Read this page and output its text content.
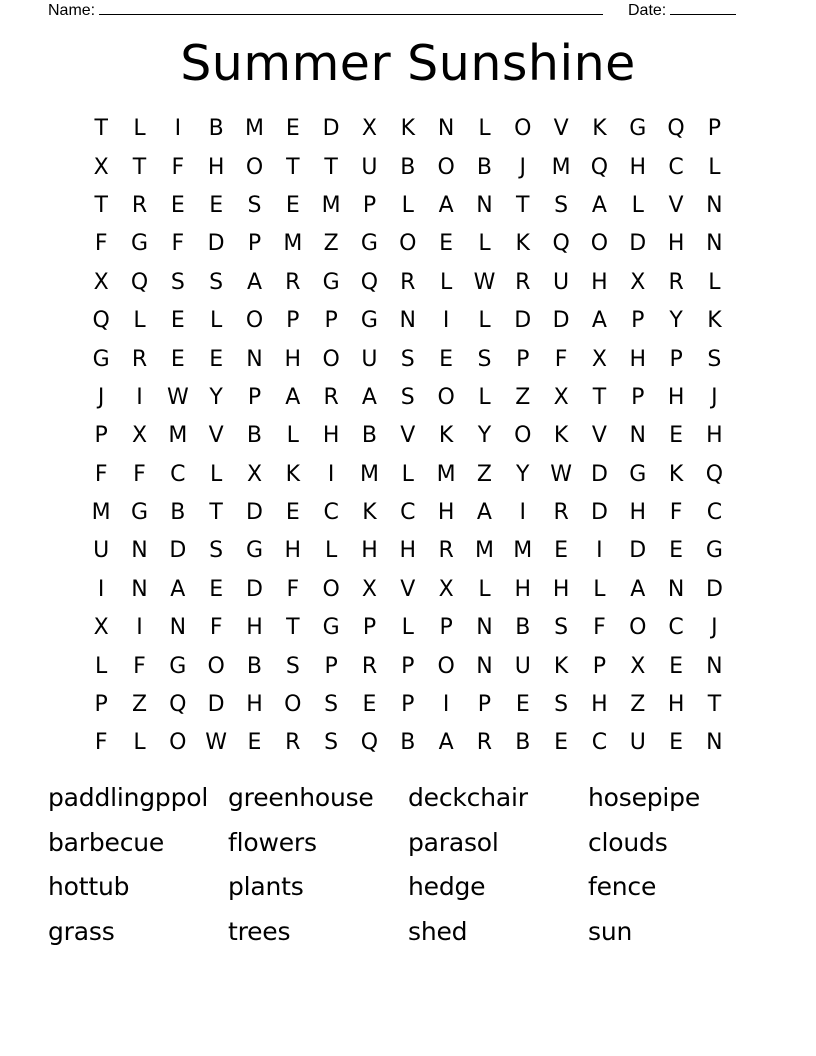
Name:	Date:
Summer Sunshine
T	L	I	B M E	D	X	K	N	L	O	V	K	G Q	P
X	T	F	H O	T	T	U	B	O	B	J	M Q H	C	L
T	R	E	E	S	E M	P	L	A	N	T	S	A	L	V	N
F	G	F	D	P	M Z	G O	E	L	K	Q O D H N
X	Q	S	S	A	R	G Q	R	L W R	U	H	X	R	L
Q	L	E	L	O	P	P	G N	I	L	D D	A	P	Y	K
G	R	E	E	N H O U	S	E	S	P	F	X	H	P	S
J	I	W Y	P	A	R	A	S	O	L	Z	X	T	P	H	J
P	X M V	B	L	H	B	V	K	Y	O	K	V	N	E	H
F	F	C	L	X	K	I	M	L	M Z	Y W D G	K	Q
M G	B	T	D	E	C	K	C	H	A	I	R	D H	F	C
U	N D	S	G H	L	H H	R M M E	I	D	E	G
I	N	A	E	D	F	O	X	V	X	L	H H	L	A	N D
X	I	N	F	H	T	G	P	L	P	N	B	S	F	O C	J
L	F	G O	B	S	P	R	P	O N	U	K	P	X	E	N
P	Z	Q D H O	S	E	P	I	P	E	S	H	Z	H	T
F	L	O W E	R	S	Q	B	A	R	B	E	C	U	E	N
paddlingppol greenhouse	deckchair	hosepipe
barbecue	flowers	parasol	clouds
hottub	plants	hedge	fence
grass	trees	shed	sun
